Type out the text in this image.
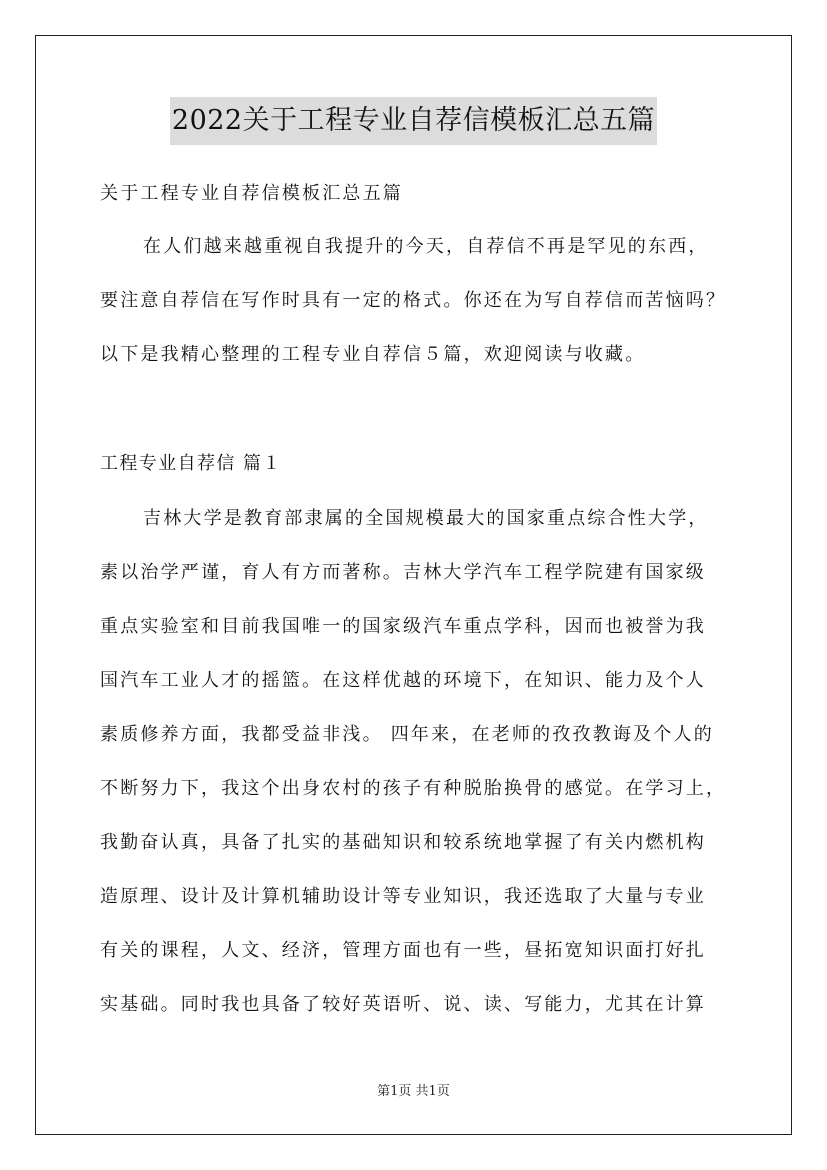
2022关于工程专业自荐信模板汇总五篇
关于工程专业自荐信模板汇总五篇
在人们越来越重视自我提升的今天，自荐信不再是罕见的东西，
要注意自荐信在写作时具有一定的格式。你还在为写自荐信而苦恼吗？
以下是我精心整理的工程专业自荐信５篇，欢迎阅读与收藏。
工程专业自荐信 篇１
吉林大学是教育部隶属的全国规模最大的国家重点综合性大学，
素以治学严谨，育人有方而著称。吉林大学汽车工程学院建有国家级
重点实验室和目前我国唯一的国家级汽车重点学科，因而也被誉为我
国汽车工业人才的摇篮。在这样优越的环境下，在知识、能力及个人
素质修养方面，我都受益非浅。 四年来，在老师的孜孜教诲及个人的
不断努力下，我这个出身农村的孩子有种脱胎换骨的感觉。在学习上，
我勤奋认真，具备了扎实的基础知识和较系统地掌握了有关内燃机构
造原理、设计及计算机辅助设计等专业知识，我还选取了大量与专业
有关的课程，人文、经济，管理方面也有一些，昼拓宽知识面打好扎
实基础。同时我也具备了较好英语听、说、读、写能力，尤其在计算
第1页 共1页
